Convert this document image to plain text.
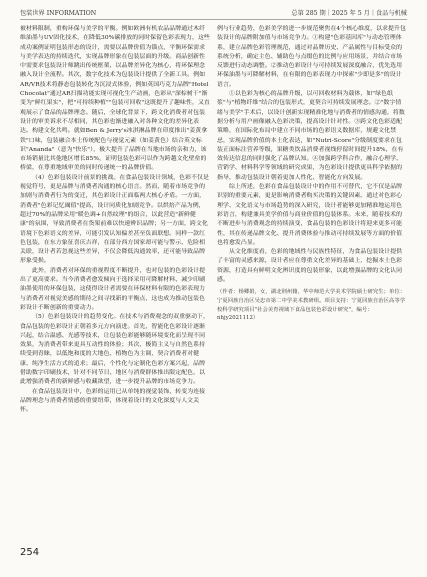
包装世界 INFORMATION	总第 285 期｜2025 年 5 月｜食品与机械

被材料限制，重构环保与美学的平衡。例如欧洲有机农品品牌通过木纤维油墨与UV固化技术，在降低30%碳排放的同时保留色彩表现力，这些成功案例证明包装形态的设计，需要以品牌价值为锚点，平衡环保需求与美学表达的持续迭代，实现品牌形象在包装层面的升级。商品创新性中需要求包装设计师跳出传统框架，以品牌差异化为核心，将环保理念融入设计全流程。其次，数字化技术为包装设计提供了全新工具。例如AR/VR技术将静态包装转化为沉浸式体验，例如英国巧克力品牌"Hotel Chocolat"通过AR扫描功能实现可视化生产动画，色彩从"深棕树干"渐变为"鲜红果实"，把"可持续种植""包装可回收"这既提升了趣味性，又直观展示了食品的品牌理念。随后，全球化背景下，跨文化消费者对包装设计的审美诉求不尽相同，其色彩也渐进融入对各种文化的差异化表达。构建文化共鸣。就如Ben & Jerry's冰淇淋品牌在印度推出"姜黄拿铁"口味，包装融合本土传统配色与视觉元素（如姜黄色）结合英文标识"Ananda"（意为"快乐"），极大提升了品牌在当地市场的亲和力，该市场销量比其他地区增长85%，证明包装色彩可以作为跨越文化壁垒的桥梁，在尊重地域审美的同时传递统一的品牌价值。

（4）色彩包装设计前景的挑战。在食品包装设计领域，色彩不仅是视觉符号，更是品牌与消费者沟通的核心语言。然而，随着市场竞争的加剧与消费者行为的变迁，其色彩设计正面临两大核心矛盾。一方面，消费者"色彩记忆阈值"提高，设计同质化加剧竞争。以烘焙产品为例，超过70%的品牌采用"暖色调+自然纹理"的组合，以此营造"新鲜健康"的氛围，导致消费者在货架前难以快速辨识品牌；另一方面，跨文化语境下色彩语义的差异，可能引发认知偏差甚至负面联想。同样一款红色包装，在东方象征喜庆吉祥，在部分西方国家却可能与警示、危险相关联，设计者若忽视这些差异，不仅会降低沟通效率，还可能导致品牌形象受损。

此外，消费者对环保的重视程度不断提升，也对包装的色彩设计提出了更高要求。当今消费者愈发倾向于选择采用可降解材料、减少印刷油墨使用的环保包装，这使得设计者需要在环保材料有限的色彩表现力与消费者对视觉美感的期待之间寻找新的平衡点，这也成为推动包装色彩设计不断创新的重要动力。

（5）色彩包装设计的趋势变化。在技术与消费观念的双重驱动下，食品包装的色彩设计正朝着多元方向演进。首先，智能化色彩设计逐渐兴起，结合温感、光感等技术，让包装色彩能够随环境变化而呈现不同效果，为消费者带来更具互动性的体验；其次，极简主义与自然色系持续受到青睐，以低饱和度的大地色、植物色为主调，契合消费者对健康、纯净生活方式的追求；最后，个性化与定制化色彩方案兴起，品牌借助数字印刷技术，针对不同节日、地区与消费群体推出限定配色，以此增强消费者的新鲜感与收藏欲望，进一步提升品牌的市场竞争力。

在食品包装设计中，色彩的运用已从单纯的视觉装饰，转变为连接品牌理念与消费者情感的重要纽带，体现着设计的文化深度与人文关怀。

例与行业趋势，色彩美学的进一步规范聚焦在4个核心维度，以求提升包装设计的品牌附加值与市场竞争力。①构建"色彩基因库"与动态管理体系，建立品牌色彩管理规范，通过对品牌历史、产品属性与目标受众的系统分析，确定主色、辅助色与点缀色的比例与应用场景，并结合市场反馈进行动态调整。②推动色彩设计与可持续发展深度融合，优先选用环保油墨与可降解材料，在有限的色彩表现力中探索"少即是多"的设计语言。

①以色彩为核心的品牌升级，以可回收材料为载体，如"绿色纸浆"与"植物纤维"结合的包装形式，更契合可持续发展理念。②"数字情绪与美学"手术后，以设计创新实现精准化地与消费者的情感沟通，将数据分析与用户画像融入色彩决策，提高设计针对性。③跨文化色彩适配策略，在国际化布局中建立不同市场的色彩语义数据库，规避文化禁忌，实现品牌价值的本土化表达，如"Nutri-Score"分级制度要求在包装正面标注营养等级，果糖类饮品消费者视线停留时间提升18%，在有效传达信息的同时强化了品牌认知。④加强跨学科合作，融合心理学、营销学、材料科学等领域的研究成果，为色彩设计提供更具科学依据的指导，推动包装设计朝着更加人性化、智能化方向发展。

综上所述，色彩在食品包装设计中的作用不可替代，它不仅是品牌识别的重要元素，更是影响消费者购买决策的关键因素。通过对色彩心理学、文化语义与市场趋势的深入研究，设计者能够更加精准地运用色彩语言，构建兼具美学价值与商业价值的包装体系。未来，随着技术的不断进步与消费观念的持续演变，食品包装的色彩设计将迎来更多可能性，其在传递品牌文化、提升消费体验与推动可持续发展等方面的价值也将愈发凸显。

从文化维度看，色彩的地域性与民族性特征，为食品包装设计提供了丰富的灵感来源，设计者应在尊重文化差异的基础上，挖掘本土色彩资源，打造具有鲜明文化辨识度的包装形象，以此增强品牌的文化认同感。

（作者：杨卿娟，女，湖北荆州籍，华中师范大学美术学院硕士研究生；单位：宁夏回族自治区吴忠市第二中学美术教研组。项目支持：宁夏回族自治区高等学校科学研究项目"社会美育视域下食品包装色彩设计研究"，编号：nhjy2021112）

254
